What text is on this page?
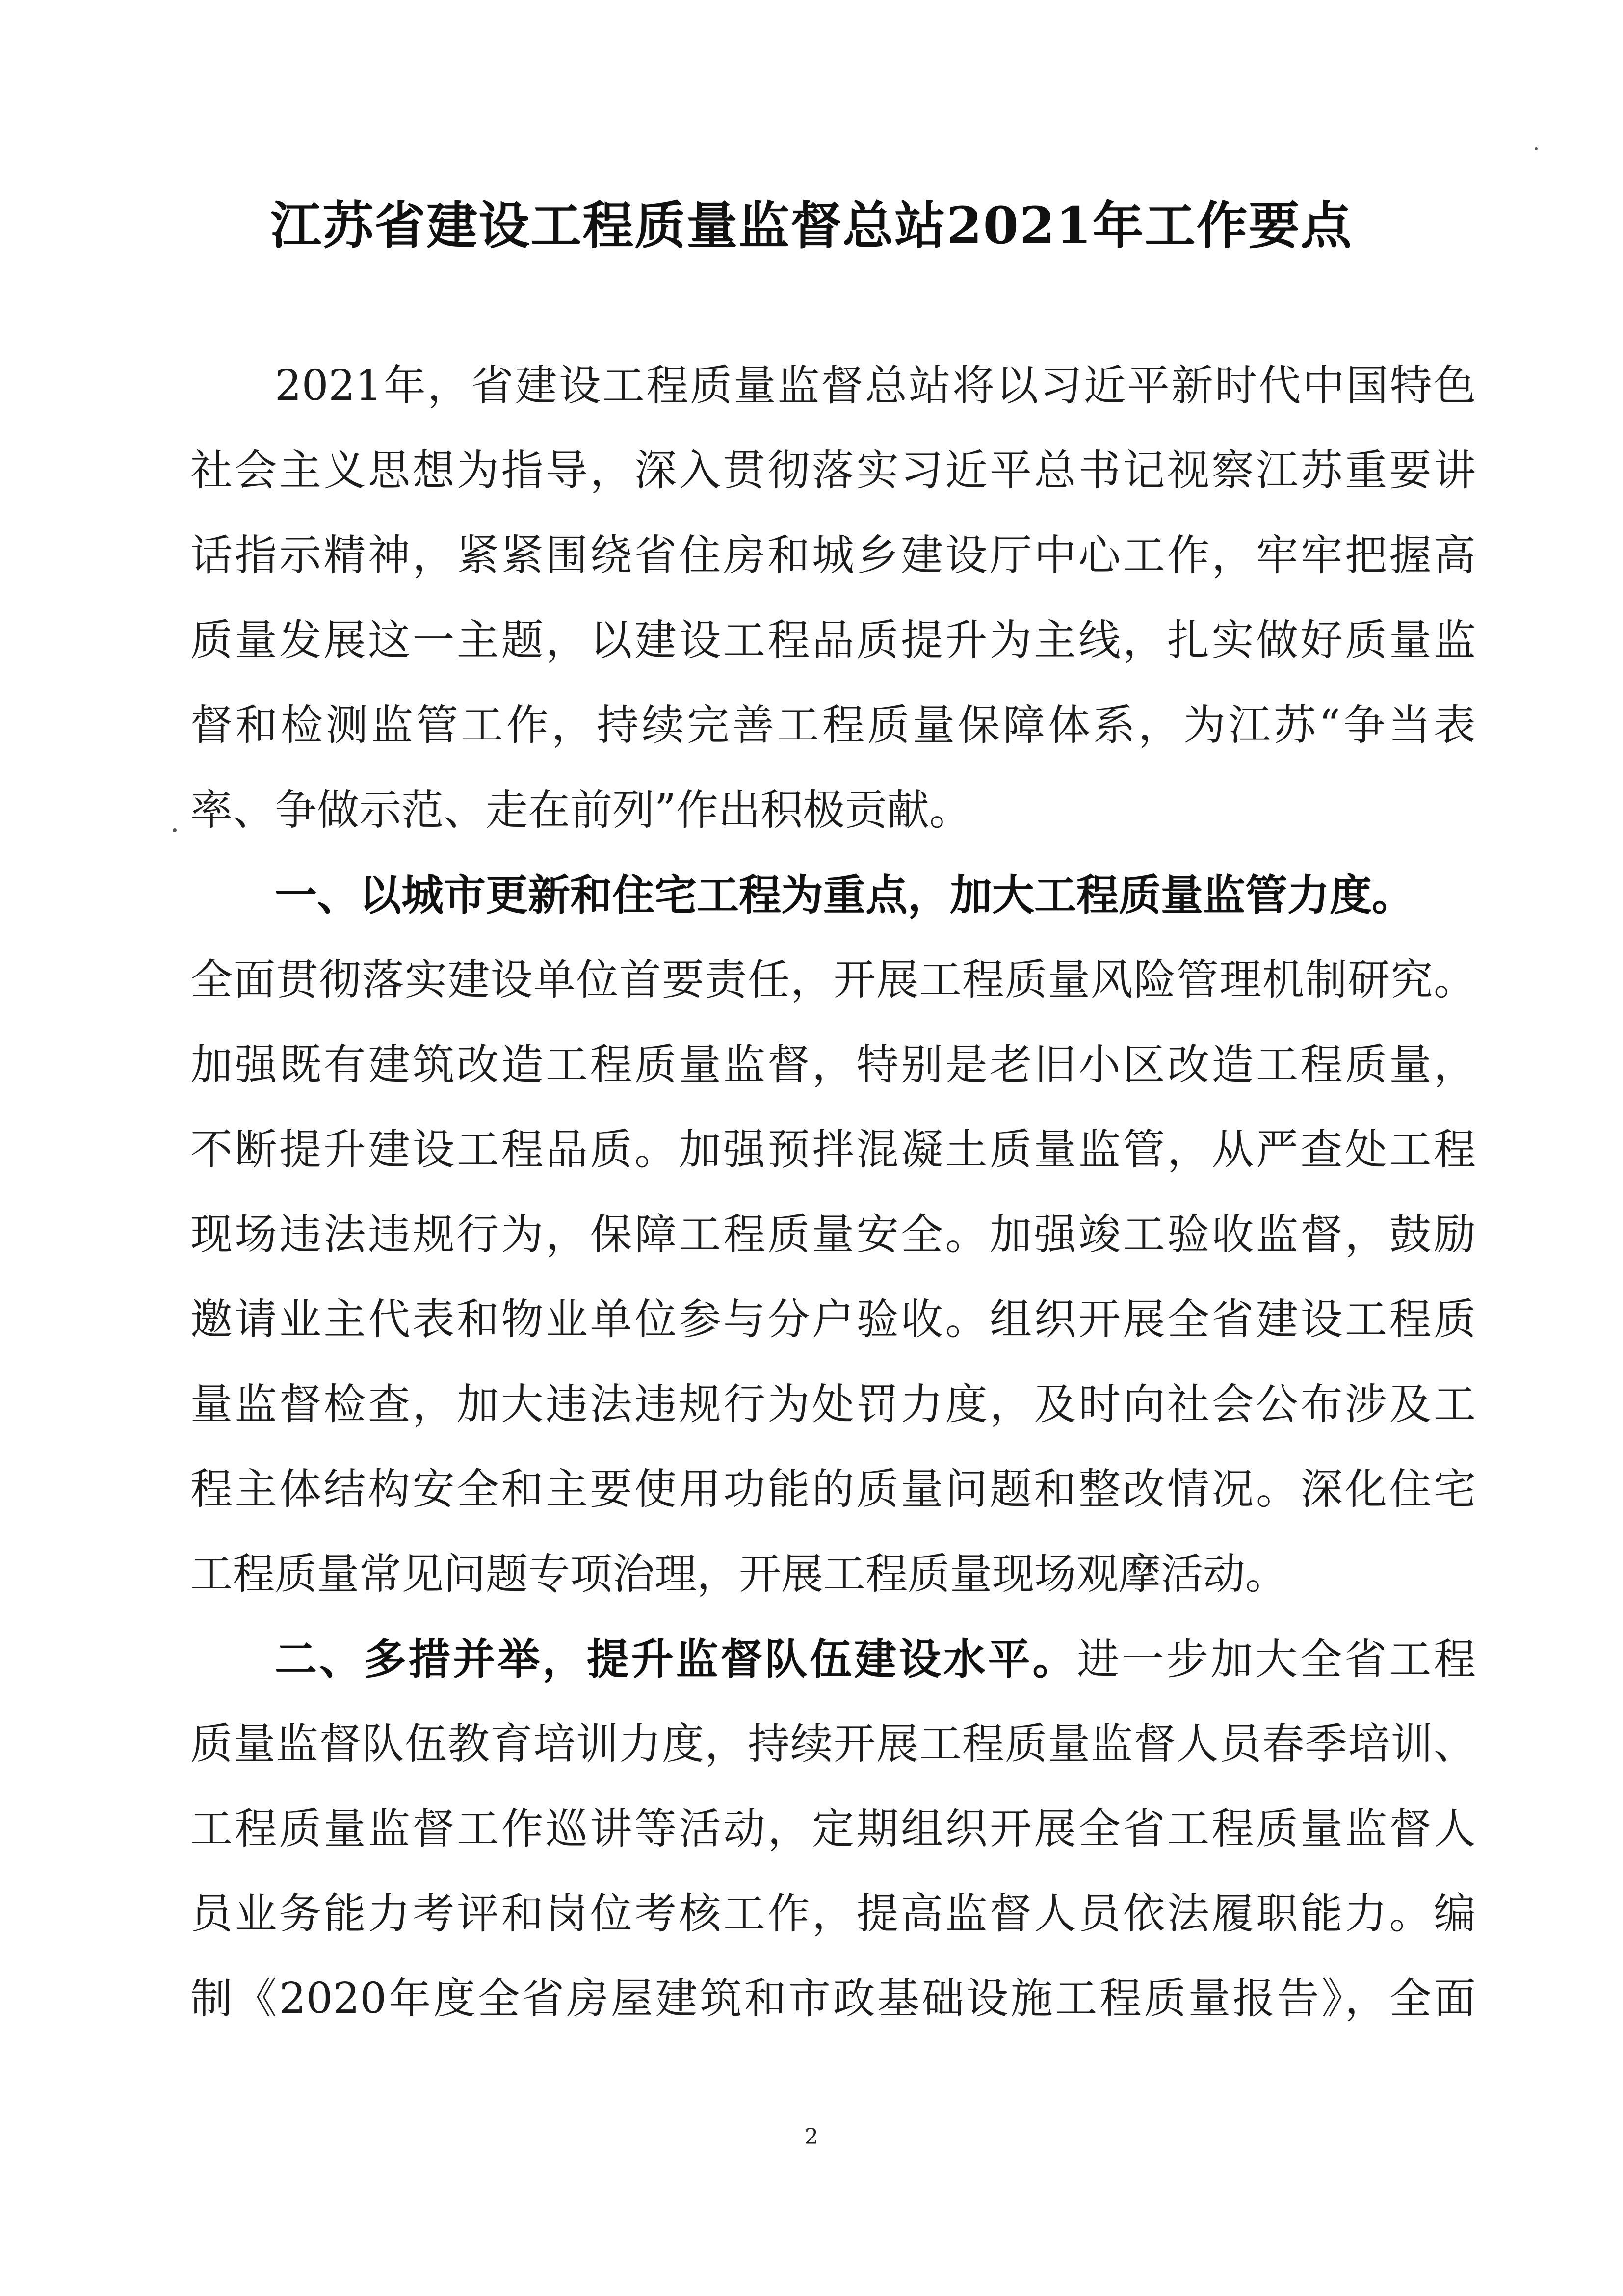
江苏省建设工程质量监督总站2021年工作要点
2021年，省建设工程质量监督总站将以习近平新时代中国特色
社会主义思想为指导，深入贯彻落实习近平总书记视察江苏重要讲
话指示精神，紧紧围绕省住房和城乡建设厅中心工作，牢牢把握高
质量发展这一主题，以建设工程品质提升为主线，扎实做好质量监
督和检测监管工作，持续完善工程质量保障体系，为江苏“争当表
率、争做示范、走在前列”作出积极贡献。
一、以城市更新和住宅工程为重点，加大工程质量监管力度。
全面贯彻落实建设单位首要责任，开展工程质量风险管理机制研究。
加强既有建筑改造工程质量监督，特别是老旧小区改造工程质量，
不断提升建设工程品质。加强预拌混凝土质量监管，从严查处工程
现场违法违规行为，保障工程质量安全。加强竣工验收监督，鼓励
邀请业主代表和物业单位参与分户验收。组织开展全省建设工程质
量监督检查，加大违法违规行为处罚力度，及时向社会公布涉及工
程主体结构安全和主要使用功能的质量问题和整改情况。深化住宅
工程质量常见问题专项治理，开展工程质量现场观摩活动。
二、多措并举，提升监督队伍建设水平。进一步加大全省工程
质量监督队伍教育培训力度，持续开展工程质量监督人员春季培训、
工程质量监督工作巡讲等活动，定期组织开展全省工程质量监督人
员业务能力考评和岗位考核工作，提高监督人员依法履职能力。编
制《2020年度全省房屋建筑和市政基础设施工程质量报告》，全面
2
